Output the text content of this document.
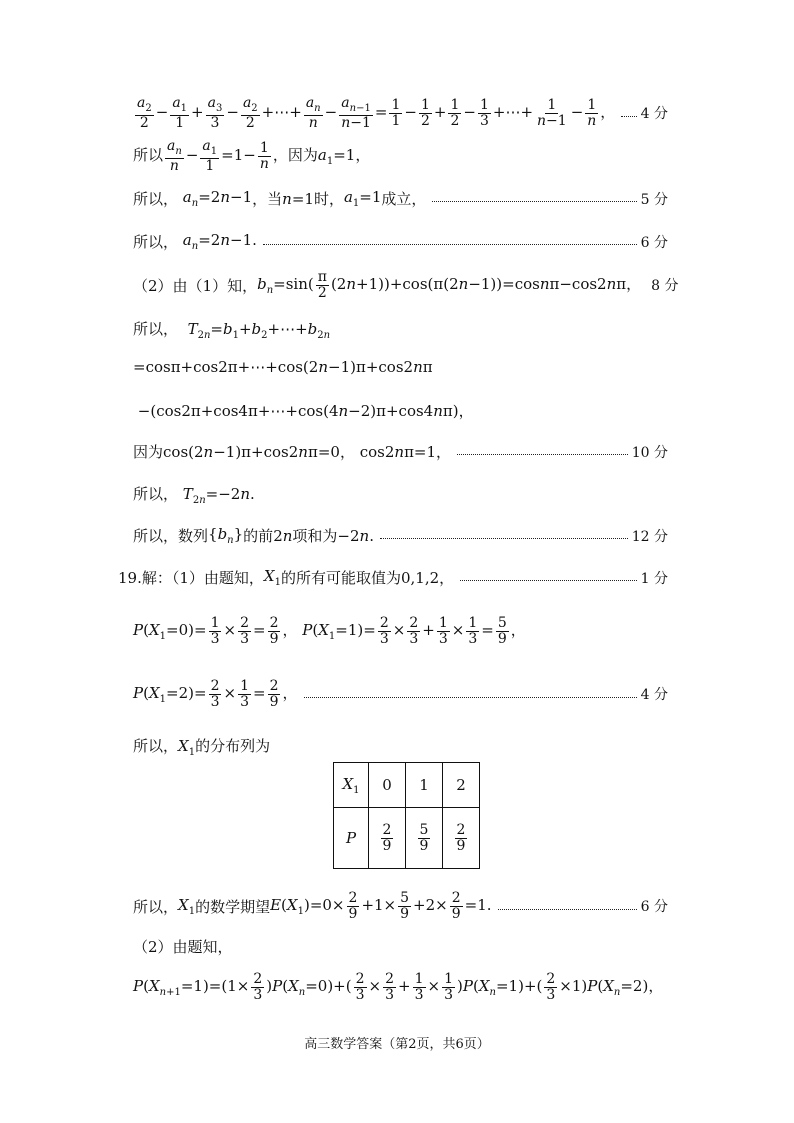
$\frac{a_2}{2} - \frac{a_1}{1} + \frac{a_3}{3} - \frac{a_2}{2}$ +⋯+ $\frac{a_n}{n} - \frac{a_{n-1}}{n-1} = \frac{1}{1} - \frac{1}{2} + \frac{1}{2} - \frac{1}{3}$ +⋯+ $\frac{1}{n-1} - \frac{1}{n}$ ， 4 分
所以 $\frac{a_n}{n} - \frac{a_1}{1} =1- \frac{1}{n}$ ，因为$a_1=1$，
所以， $a_n=2n-1$ ，当 n=1 时， $a_1=1$ 成立，	5 分
所以， $a_n=2n-1$.	6 分
（2）由（1）知， $b_n=\sin( \frac{\pi}{2} (2n+1))+\cos(\pi(2n-1))=\cos n\pi-\cos 2n\pi$， 8 分
所以， $T_{2n}=b_1+b_2+\cdots+b_{2n}$
=cosπ+cos2π+⋯+cos(2n−1)π+cos2nπ
−(cos2π+cos4π+⋯+cos(4n−2)π+cos4nπ)，
因为 cos(2n−1)π+cos2nπ=0， cos2nπ=1，	10 分
所以， $T_{2n}=-2n$.
所以，数列 $\{b_n\}$ 的前 2n 项和为 −2n.	12 分
19.解：（1）由题知， $X_1$ 的所有可能取值为 0,1,2 ，	1 分
$P(X_1=0)= \frac{1}{3} \times \frac{2}{3} = \frac{2}{9}$ ， $P(X_1=1)= \frac{2}{3} \times \frac{2}{3} + \frac{1}{3} \times \frac{1}{3} = \frac{5}{9}$ ，
$P(X_1=2)= \frac{2}{3} \times \frac{1}{3} = \frac{2}{9}$ ，	4 分
所以，$X_1$的分布列为
$X_1$	0	1	2
P	$\frac{2}{9}$	$\frac{5}{9}$	$\frac{2}{9}$
所以， $X_1$ 的数学期望 $E(X_1)=0\times \frac{2}{9} +1\times \frac{5}{9} +2\times \frac{2}{9} =1$.	6 分
（2）由题知，
$P(X_{n+1}=1)=(1\times \frac{2}{3} )P(X_n=0)+( \frac{2}{3} \times \frac{2}{3} + \frac{1}{3} \times \frac{1}{3} )P(X_n=1)+( \frac{2}{3} \times 1)P(X_n=2)$，
高三数学答案（第2页，共6页）
